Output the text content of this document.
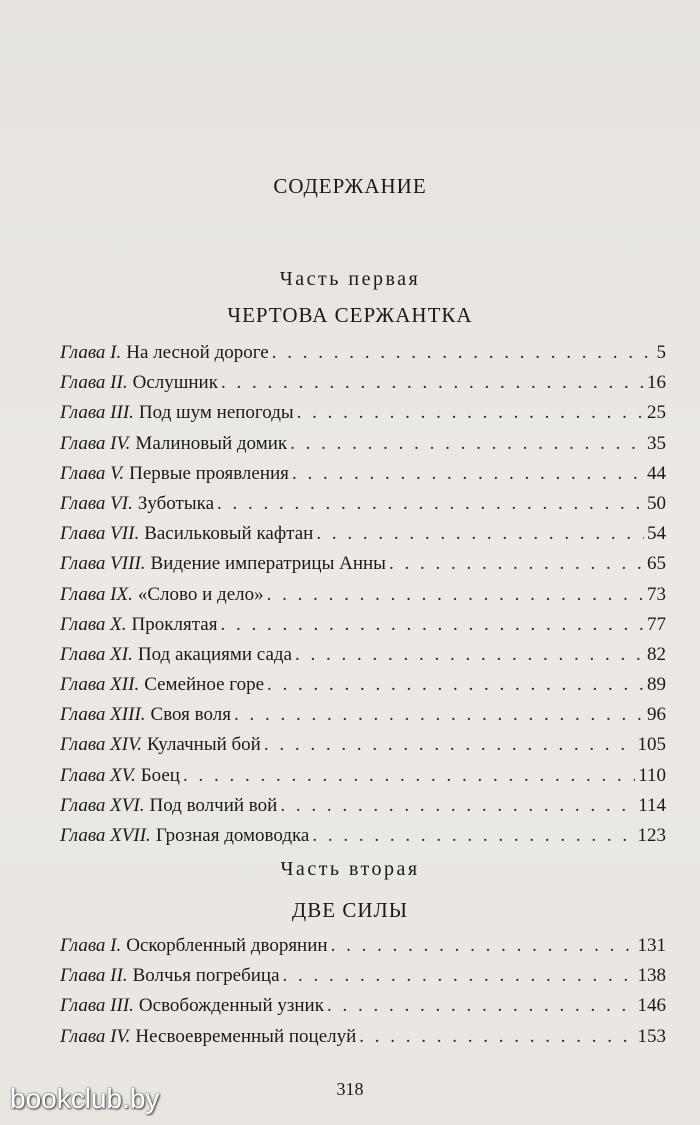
СОДЕРЖАНИЕ
Часть первая
ЧЕРТОВА СЕРЖАНТКА
Глава I. На лесной дороге . . .	5
Глава II. Ослушник . . .	16
Глава III. Под шум непогоды . . .	25
Глава IV. Малиновый домик . . .	35
Глава V. Первые проявления . . .	44
Глава VI. Зуботыка . . .	50
Глава VII. Васильковый кафтан . . .	54
Глава VIII. Видение императрицы Анны . . .	65
Глава IX. «Слово и дело» . . .	73
Глава X. Проклятая . . .	77
Глава XI. Под акациями сада . . .	82
Глава XII. Семейное горе . . .	89
Глава XIII. Своя воля . . .	96
Глава XIV. Кулачный бой . . .	105
Глава XV. Боец . . .	110
Глава XVI. Под волчий вой . . .	114
Глава XVII. Грозная домоводка . . .	123
Часть вторая
ДВЕ СИЛЫ
Глава I. Оскорбленный дворянин . . .	131
Глава II. Волчья погребица . . .	138
Глава III. Освобожденный узник . . .	146
Глава IV. Несвоевременный поцелуй . . .	153
318
bookclub.by
